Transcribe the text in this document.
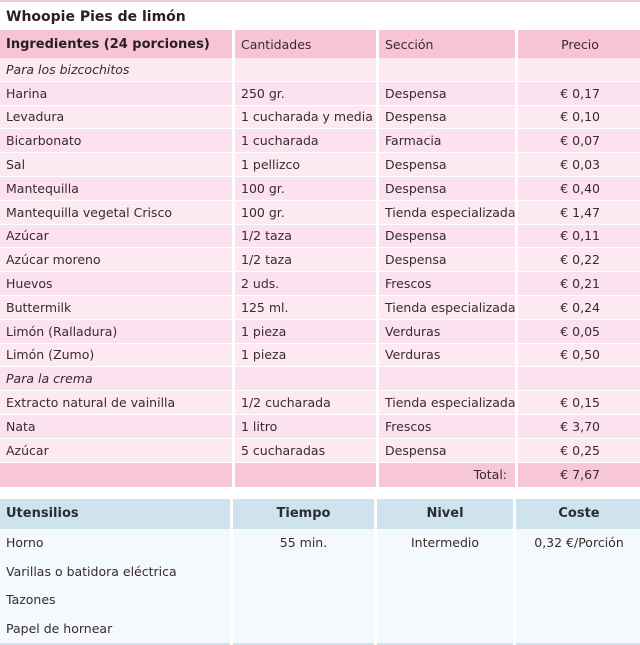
Whoopie Pies de limón
Ingredientes (24 porciones)	Cantidades	Sección	Precio
Para los bizcochitos			
Harina	250 gr.	Despensa	€ 0,17
Levadura	1 cucharada y media	Despensa	€ 0,10
Bicarbonato	1 cucharada	Farmacia	€ 0,07
Sal	1 pellizco	Despensa	€ 0,03
Mantequilla	100 gr.	Despensa	€ 0,40
Mantequilla vegetal Crisco	100 gr.	Tienda especializada	€ 1,47
Azúcar	1/2 taza	Despensa	€ 0,11
Azúcar moreno	1/2 taza	Despensa	€ 0,22
Huevos	2 uds.	Frescos	€ 0,21
Buttermilk	125 ml.	Tienda especializada	€ 0,24
Limón (Ralladura)	1 pieza	Verduras	€ 0,05
Limón (Zumo)	1 pieza	Verduras	€ 0,50
Para la crema			
Extracto natural de vainilla	1/2 cucharada	Tienda especializada	€ 0,15
Nata	1 litro	Frescos	€ 3,70
Azúcar	5 cucharadas	Despensa	€ 0,25
		Total:	€ 7,67
Utensilios	Tiempo	Nivel	Coste
Horno	55 min.	Intermedio	0,32 €/Porción
Varillas o batidora eléctrica			
Tazones			
Papel de hornear			
